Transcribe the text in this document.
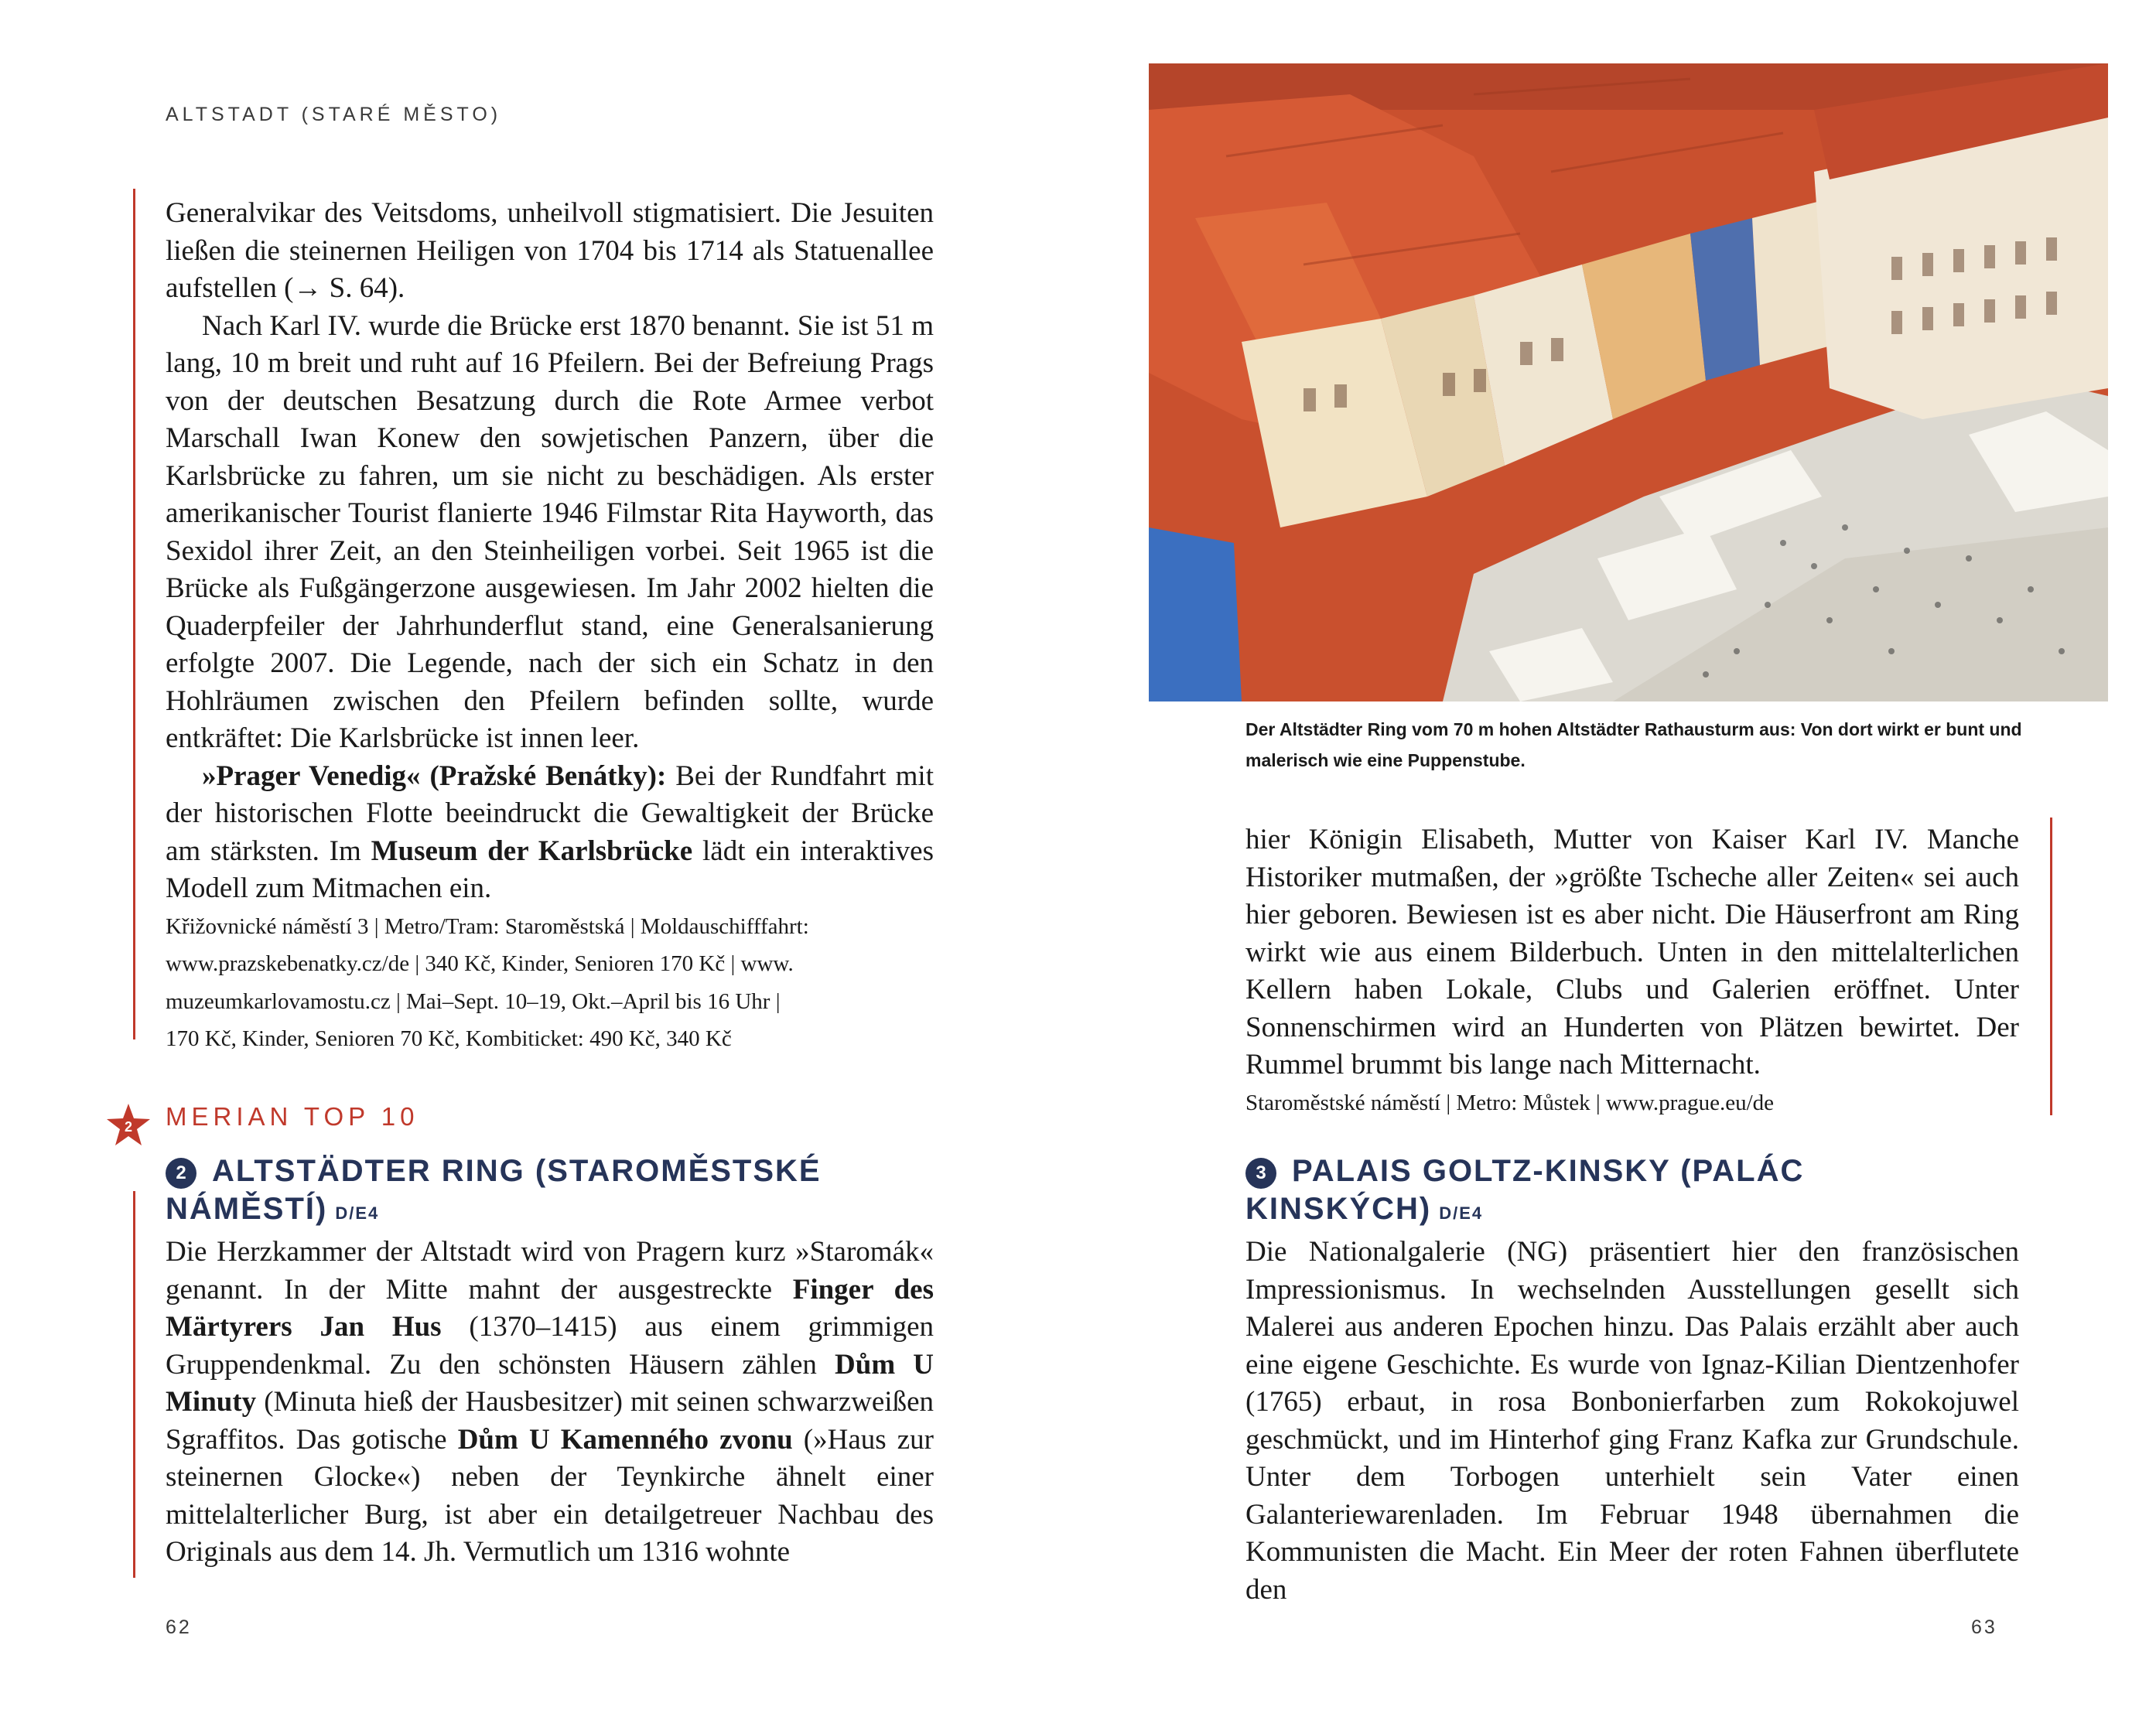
ALTSTADT (STARÉ MĚSTO)

Generalvikar des Veitsdoms, unheilvoll stigmatisiert. Die Jesuiten ließen die steinernen Heiligen von 1704 bis 1714 als Statuenallee aufstellen (→ S. 64).

Nach Karl IV. wurde die Brücke erst 1870 benannt. Sie ist 51 m lang, 10 m breit und ruht auf 16 Pfeilern. Bei der Befreiung Prags von der deutschen Besatzung durch die Rote Armee verbot Marschall Iwan Konew den sowjetischen Panzern, über die Karlsbrücke zu fahren, um sie nicht zu beschädigen. Als erster amerikanischer Tourist flanierte 1946 Filmstar Rita Hayworth, das Sexidol ihrer Zeit, an den Steinheiligen vorbei. Seit 1965 ist die Brücke als Fußgängerzone ausgewiesen. Im Jahr 2002 hielten die Quaderpfeiler der Jahrhunderflut stand, eine Generalsanierung erfolgte 2007. Die Legende, nach der sich ein Schatz in den Hohlräumen zwischen den Pfeilern befinden sollte, wurde entkräftet: Die Karlsbrücke ist innen leer.

»Prager Venedig« (Pražské Benátky): Bei der Rundfahrt mit der historischen Flotte beeindruckt die Gewaltigkeit der Brücke am stärksten. Im Museum der Karlsbrücke lädt ein interaktives Modell zum Mitmachen ein.

Křižovnické náměstí 3 | Metro/Tram: Staroměstská | Moldauschifffahrt:

www.prazskebenatky.cz/de | 340 Kč, Kinder, Senioren 170 Kč | www.

muzeumkarlovamostu.cz | Mai–Sept. 10–19, Okt.–April bis 16 Uhr |

170 Kč, Kinder, Senioren 70 Kč, Kombiticket: 490 Kč, 340 Kč

2 MERIAN TOP 10
2 ALTSTÄDTER RING (STAROMĚSTSKÉ NÁMĚSTÍ) D/E4

Die Herzkammer der Altstadt wird von Pragern kurz »Staromák« genannt. In der Mitte mahnt der ausgestreckte Finger des Märtyrers Jan Hus (1370–1415) aus einem grimmigen Gruppendenkmal. Zu den schönsten Häusern zählen Dům U Minuty (Minuta hieß der Hausbesitzer) mit seinen schwarzweißen Sgraffitos. Das gotische Dům U Kamenného zvonu (»Haus zur steinernen Glocke«) neben der Teynkirche ähnelt einer mittelalterlicher Burg, ist aber ein detailgetreuer Nachbau des Originals aus dem 14. Jh. Vermutlich um 1316 wohnte

62

Der Altstädter Ring vom 70 m hohen Altstädter Rathausturm aus: Von dort wirkt er bunt und malerisch wie eine Puppenstube.

hier Königin Elisabeth, Mutter von Kaiser Karl IV. Manche Historiker mutmaßen, der »größte Tscheche aller Zeiten« sei auch hier geboren. Bewiesen ist es aber nicht. Die Häuserfront am Ring wirkt wie aus einem Bilderbuch. Unten in den mittelalterlichen Kellern haben Lokale, Clubs und Galerien eröffnet. Unter Sonnenschirmen wird an Hunderten von Plätzen bewirtet. Der Rummel brummt bis lange nach Mitternacht.

Staroměstské náměstí | Metro: Můstek | www.prague.eu/de

3 PALAIS GOLTZ-KINSKY (PALÁC KINSKÝCH) D/E4

Die Nationalgalerie (NG) präsentiert hier den französischen Impressionismus. In wechselnden Ausstellungen gesellt sich Malerei aus anderen Epochen hinzu. Das Palais erzählt aber auch eine eigene Geschichte. Es wurde von Ignaz-Kilian Dientzenhofer (1765) erbaut, in rosa Bonbonierfarben zum Rokokojuwel geschmückt, und im Hinterhof ging Franz Kafka zur Grundschule. Unter dem Torbogen unterhielt sein Vater einen Galanteriewarenladen. Im Februar 1948 übernahmen die Kommunisten die Macht. Ein Meer der roten Fahnen überflutete den

63
